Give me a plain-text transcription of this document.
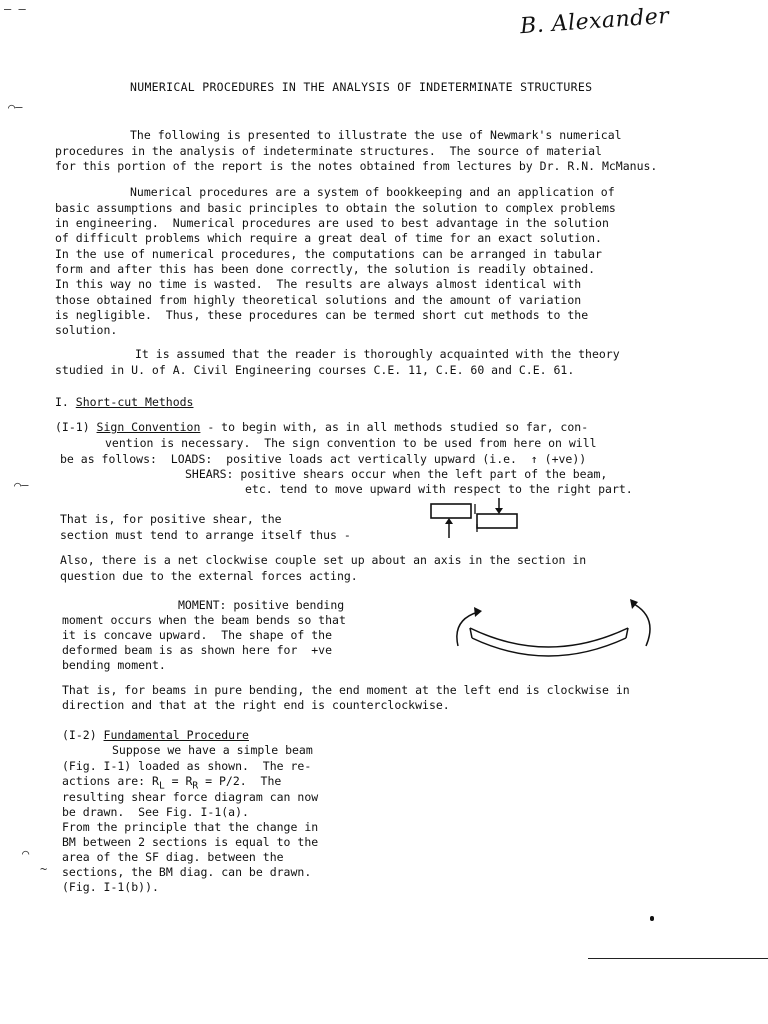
— —
⌒—
⌒—
⌒
~
B. Alexander
NUMERICAL PROCEDURES IN THE ANALYSIS OF INDETERMINATE STRUCTURES
The following is presented to illustrate the use of Newmark's numerical
procedures in the analysis of indeterminate structures.  The source of material
for this portion of the report is the notes obtained from lectures by Dr. R.N. McManus.
Numerical procedures are a system of bookkeeping and an application of
basic assumptions and basic principles to obtain the solution to complex problems
in engineering.  Numerical procedures are used to best advantage in the solution
of difficult problems which require a great deal of time for an exact solution.
In the use of numerical procedures, the computations can be arranged in tabular
form and after this has been done correctly, the solution is readily obtained.
In this way no time is wasted.  The results are always almost identical with
those obtained from highly theoretical solutions and the amount of variation
is negligible.  Thus, these procedures can be termed short cut methods to the
solution.
It is assumed that the reader is thoroughly acquainted with the theory
studied in U. of A. Civil Engineering courses C.E. 11, C.E. 60 and C.E. 61.
I. Short-cut Methods
(I-1) Sign Convention - to begin with, as in all methods studied so far, con-
vention is necessary.  The sign convention to be used from here on will
be as follows:  LOADS:  positive loads act vertically upward (i.e.  ↑ (+ve))
SHEARS: positive shears occur when the left part of the beam,
etc. tend to move upward with respect to the right part.
That is, for positive shear, the
section must tend to arrange itself thus -
Also, there is a net clockwise couple set up about an axis in the section in
question due to the external forces acting.
MOMENT: positive bending
moment occurs when the beam bends so that
it is concave upward.  The shape of the
deformed beam is as shown here for  +ve
bending moment.
That is, for beams in pure bending, the end moment at the left end is clockwise in
direction and that at the right end is counterclockwise.
(I-2) Fundamental Procedure
Suppose we have a simple beam
(Fig. I-1) loaded as shown.  The re-
actions are: $R_L = R_R = P/2$.  The
resulting shear force diagram can now
be drawn.  See Fig. I-1(a).
From the principle that the change in
BM between 2 sections is equal to the
area of the SF diag. between the
sections, the BM diag. can be drawn.
(Fig. I-1(b)).
